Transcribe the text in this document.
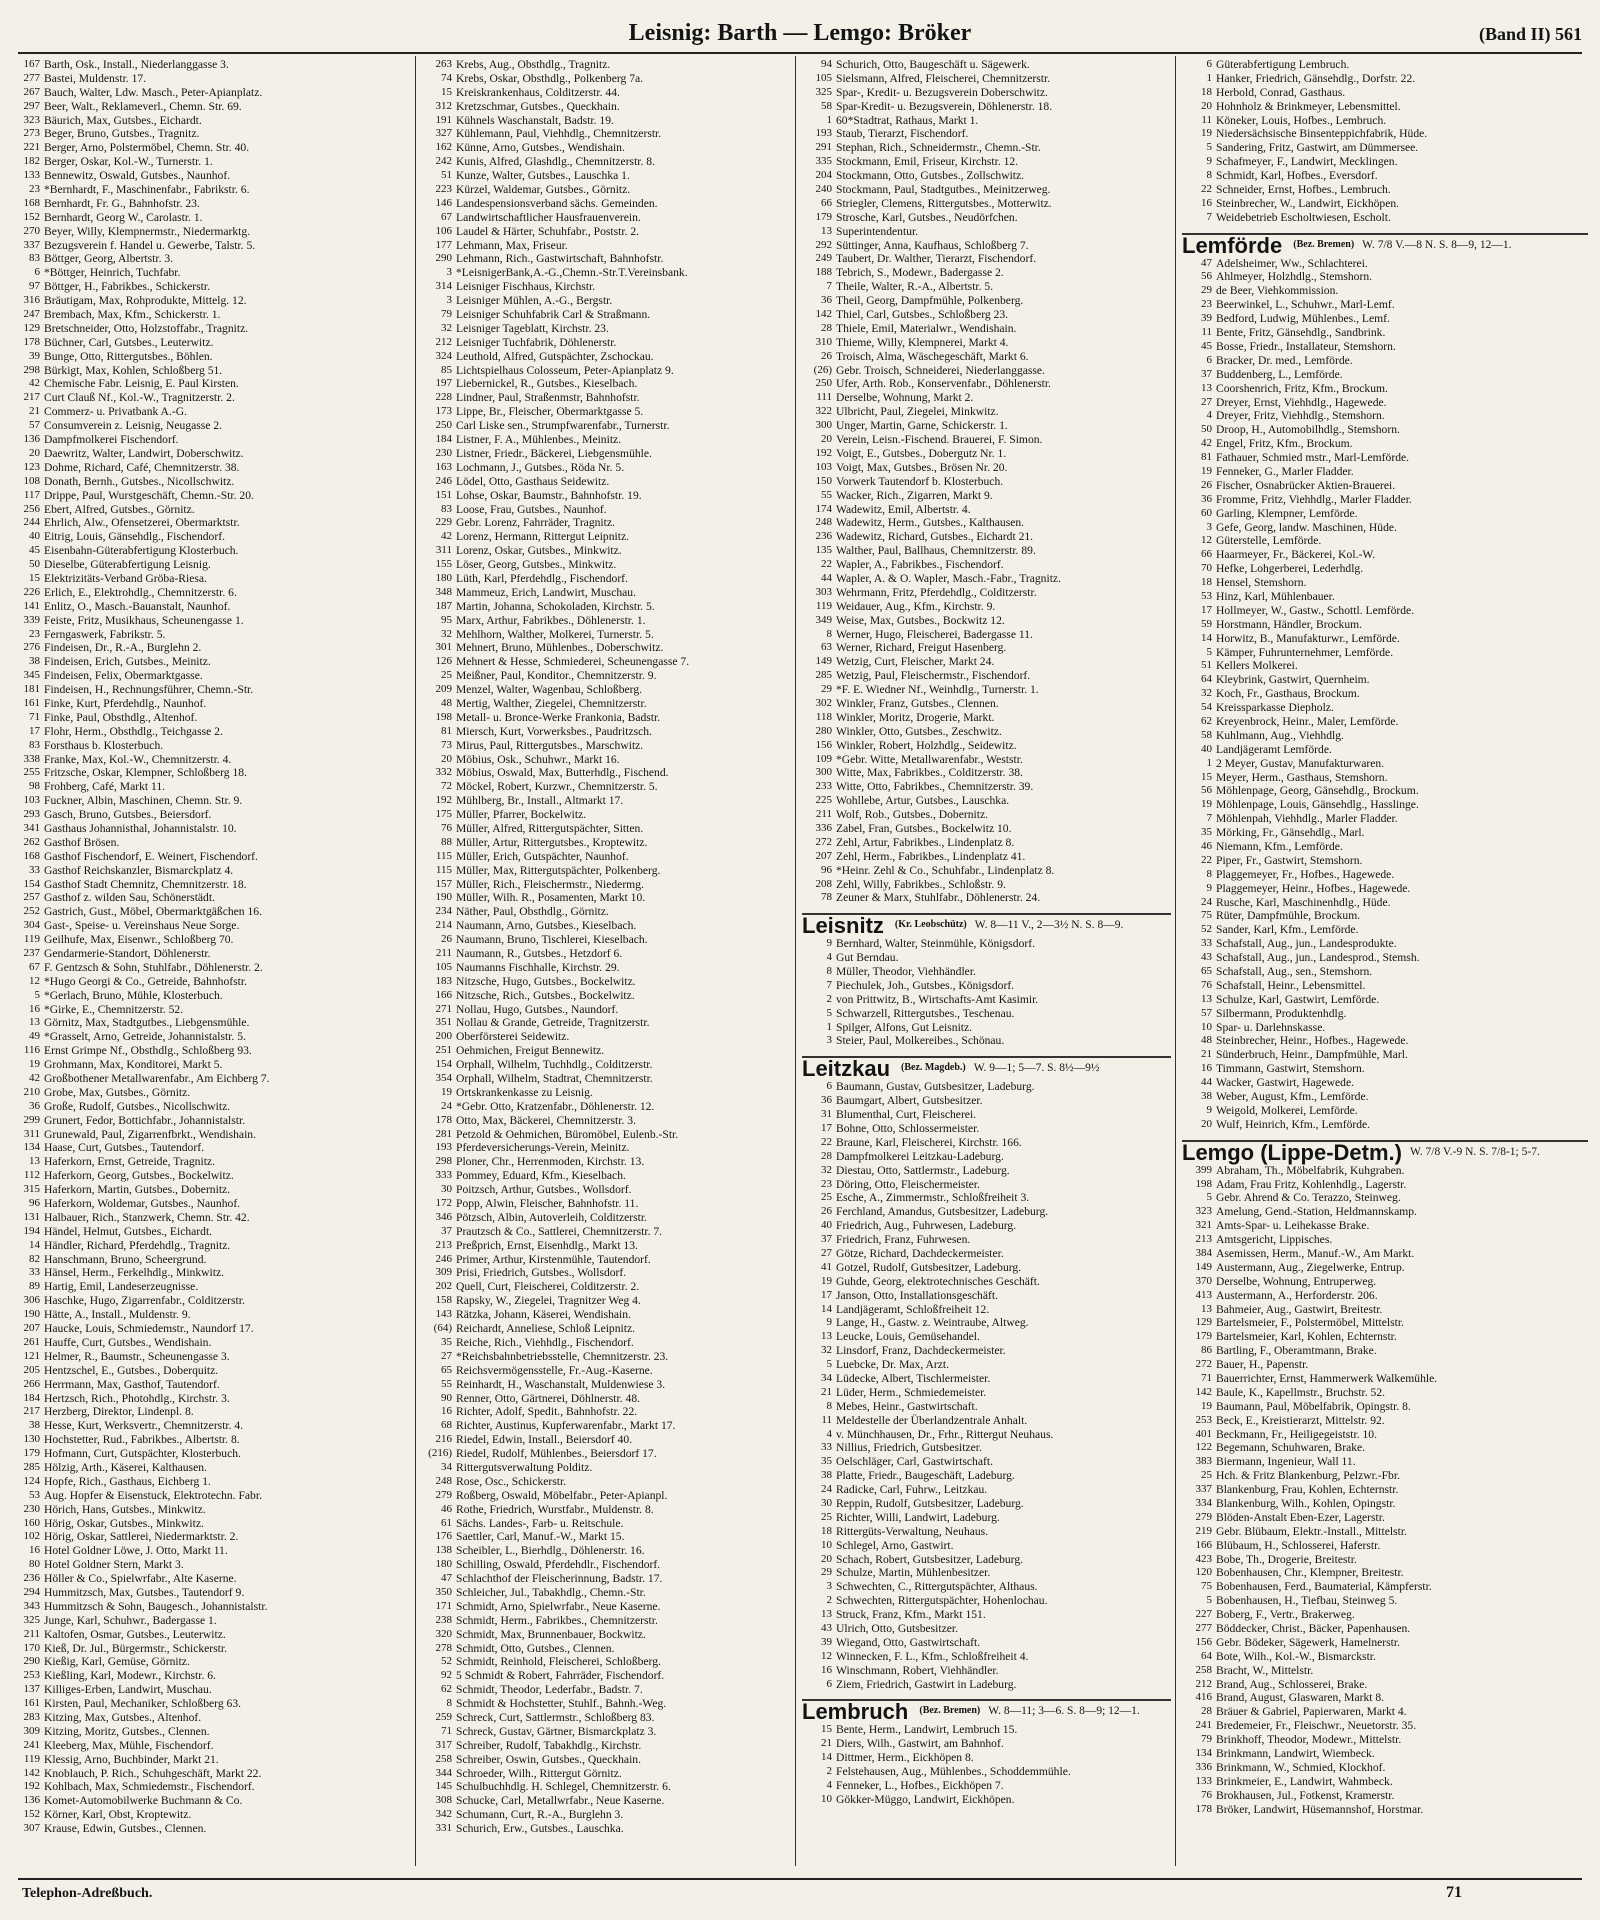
Leisnig: Barth — Lemgo: Bröker	(Band II) 561
167 Barth, Osk., Install., Niederlanggasse 3.
277 Bastei, Muldenstr. 17.
267 Bauch, Walter, Ldw. Masch., Peter-Apianplatz.
297 Beer, Walt., Reklameverl., Chemn. Str. 69.
323 Bäurich, Max, Gutsbes., Eichardt.
273 Beger, Bruno, Gutsbes., Tragnitz.
221 Berger, Arno, Polstermöbel, Chemn. Str. 40.
182 Berger, Oskar, Kol.-W., Turnerstr. 1.
133 Bennewitz, Oswald, Gutsbes., Naunhof.
23 *Bernhardt, F., Maschinenfabr., Fabrikstr. 6.
168 Bernhardt, Fr. G., Bahnhofstr. 23.
152 Bernhardt, Georg W., Carolastr. 1.
270 Beyer, Willy, Klempnermstr., Niedermarktg.
337 Bezugsverein f. Handel u. Gewerbe, Talstr. 5.
83 Böttger, Georg, Albertstr. 3.
6 *Böttger, Heinrich, Tuchfabr.
97 Böttger, H., Fabrikbes., Schickerstr.
316 Bräutigam, Max, Rohprodukte, Mittelg. 12.
247 Brembach, Max, Kfm., Schickerstr. 1.
129 Bretschneider, Otto, Holzstoffabr., Tragnitz.
178 Büchner, Carl, Gutsbes., Leuterwitz.
39 Bunge, Otto, Rittergutsbes., Böhlen.
298 Bürkigt, Max, Kohlen, Schloßberg 51.
42 Chemische Fabr. Leisnig, E. Paul Kirsten.
217 Curt Clauß Nf., Kol.-W., Tragnitzerstr. 2.
21 Commerz- u. Privatbank A.-G.
57 Consumverein z. Leisnig, Neugasse 2.
136 Dampfmolkerei Fischendorf.
20 Daewritz, Walter, Landwirt, Doberschwitz.
123 Dohme, Richard, Café, Chemnitzerstr. 38.
108 Donath, Bernh., Gutsbes., Nicollschwitz.
117 Drippe, Paul, Wurstgeschäft, Chemn.-Str. 20.
256 Ebert, Alfred, Gutsbes., Görnitz.
244 Ehrlich, Alw., Ofensetzerei, Obermarktstr.
40 Eitrig, Louis, Gänsehdlg., Fischendorf.
45 Eisenbahn-Güterabfertigung Klosterbuch.
50 Dieselbe, Güterabfertigung Leisnig.
15 Elektrizitäts-Verband Gröba-Riesa.
226 Erlich, E., Elektrohdlg., Chemnitzerstr. 6.
141 Enlitz, O., Masch.-Bauanstalt, Naunhof.
339 Feiste, Fritz, Musikhaus, Scheunengasse 1.
23 Ferngaswerk, Fabrikstr. 5.
276 Findeisen, Dr., R.-A., Burglehn 2.
38 Findeisen, Erich, Gutsbes., Meinitz.
345 Findeisen, Felix, Obermarktgasse.
181 Findeisen, H., Rechnungsführer, Chemn.-Str.
161 Finke, Kurt, Pferdehdlg., Naunhof.
71 Finke, Paul, Obsthdlg., Altenhof.
17 Flohr, Herm., Obsthdlg., Teichgasse 2.
83 Forsthaus b. Klosterbuch.
338 Franke, Max, Kol.-W., Chemnitzerstr. 4.
255 Fritzsche, Oskar, Klempner, Schloßberg 18.
98 Frohberg, Café, Markt 11.
103 Fuckner, Albin, Maschinen, Chemn. Str. 9.
293 Gasch, Bruno, Gutsbes., Beiersdorf.
341 Gasthaus Johannisthal, Johannistalstr. 10.
262 Gasthof Brösen.
168 Gasthof Fischendorf, E. Weinert, Fischendorf.
33 Gasthof Reichskanzler, Bismarckplatz 4.
154 Gasthof Stadt Chemnitz, Chemnitzerstr. 18.
257 Gasthof z. wilden Sau, Schönerstädt.
252 Gastrich, Gust., Möbel, Obermarktgäßchen 16.
304 Gast-, Speise- u. Vereinshaus Neue Sorge.
119 Geilhufe, Max, Eisenwr., Schloßberg 70.
237 Gendarmerie-Standort, Döhlenerstr.
67 F. Gentzsch & Sohn, Stuhlfabr., Döhlenerstr. 2.
12 *Hugo Georgi & Co., Getreide, Bahnhofstr.
5 *Gerlach, Bruno, Mühle, Klosterbuch.
16 *Girke, E., Chemnitzerstr. 52.
13 Görnitz, Max, Stadtgutbes., Liebgensmühle.
49 *Grasselt, Arno, Getreide, Johannistalstr. 5.
116 Ernst Grimpe Nf., Obsthdlg., Schloßberg 93.
19 Grohmann, Max, Konditorei, Markt 5.
42 Großbothener Metallwarenfabr., Am Eichberg 7.
210 Grobe, Max, Gutsbes., Görnitz.
36 Große, Rudolf, Gutsbes., Nicollschwitz.
299 Grunert, Fedor, Bottichfabr., Johannistalstr.
311 Grunewald, Paul, Zigarrenfbrkt., Wendishain.
134 Haase, Curt, Gutsbes., Tautendorf.
13 Haferkorn, Ernst, Getreide, Tragnitz.
112 Haferkorn, Georg, Gutsbes., Bockelwitz.
315 Haferkorn, Martin, Gutsbes., Dobernitz.
96 Haferkorn, Woldemar, Gutsbes., Naunhof.
131 Halbauer, Rich., Stanzwerk, Chemn. Str. 42.
194 Händel, Helmut, Gutsbes., Eichardt.
14 Händler, Richard, Pferdehdlg., Tragnitz.
82 Hanschmann, Bruno, Scheergrund.
33 Hänsel, Herm., Ferkelhdlg., Minkwitz.
89 Hartig, Emil, Landeserzeugnisse.
306 Haschke, Hugo, Zigarrenfabr., Colditzerstr.
190 Hätte, A., Install., Muldenstr. 9.
207 Haucke, Louis, Schmiedemstr., Naundorf 17.
261 Hauffe, Curt, Gutsbes., Wendishain.
121 Helmer, R., Baumstr., Scheunengasse 3.
205 Hentzschel, E., Gutsbes., Doberquitz.
266 Herrmann, Max, Gasthof, Tautendorf.
184 Hertzsch, Rich., Photohdlg., Kirchstr. 3.
217 Herzberg, Direktor, Lindenpl. 8.
38 Hesse, Kurt, Werksvertr., Chemnitzerstr. 4.
130 Hochstetter, Rud., Fabrikbes., Albertstr. 8.
179 Hofmann, Curt, Gutspächter, Klosterbuch.
285 Hölzig, Arth., Käserei, Kalthausen.
124 Hopfe, Rich., Gasthaus, Eichberg 1.
53 Aug. Hopfer & Eisenstuck, Elektrotechn. Fabr.
230 Hörich, Hans, Gutsbes., Minkwitz.
160 Hörig, Oskar, Gutsbes., Minkwitz.
102 Hörig, Oskar, Sattlerei, Niedermarktstr. 2.
16 Hotel Goldner Löwe, J. Otto, Markt 11.
80 Hotel Goldner Stern, Markt 3.
236 Höller & Co., Spielwrfabr., Alte Kaserne.
294 Hummitzsch, Max, Gutsbes., Tautendorf 9.
343 Hummitzsch & Sohn, Baugesch., Johannistalstr.
325 Junge, Karl, Schuhwr., Badergasse 1.
211 Kaltofen, Osmar, Gutsbes., Leuterwitz.
170 Kieß, Dr. Jul., Bürgermstr., Schickerstr.
290 Kießig, Karl, Gemüse, Görnitz.
253 Kießling, Karl, Modewr., Kirchstr. 6.
137 Killiges-Erben, Landwirt, Muschau.
161 Kirsten, Paul, Mechaniker, Schloßberg 63.
283 Kitzing, Max, Gutsbes., Altenhof.
309 Kitzing, Moritz, Gutsbes., Clennen.
241 Kleeberg, Max, Mühle, Fischendorf.
119 Klessig, Arno, Buchbinder, Markt 21.
142 Knoblauch, P. Rich., Schuhgeschäft, Markt 22.
192 Kohlbach, Max, Schmiedemstr., Fischendorf.
136 Komet-Automobilwerke Buchmann & Co.
152 Körner, Karl, Obst, Kroptewitz.
307 Krause, Edwin, Gutsbes., Clennen.
263 Krebs, Aug., Obsthdlg., Tragnitz.
74 Krebs, Oskar, Obsthdlg., Polkenberg 7a.
15 Kreiskrankenhaus, Colditzerstr. 44.
312 Kretzschmar, Gutsbes., Queckhain.
191 Kühnels Waschanstalt, Badstr. 19.
327 Kühlemann, Paul, Viehhdlg., Chemnitzerstr.
162 Künne, Arno, Gutsbes., Wendishain.
242 Kunis, Alfred, Glashdlg., Chemnitzerstr. 8.
51 Kunze, Walter, Gutsbes., Lauschka 1.
223 Kürzel, Waldemar, Gutsbes., Görnitz.
146 Landespensionsverband sächs. Gemeinden.
67 Landwirtschaftlicher Hausfrauenverein.
106 Laudel & Härter, Schuhfabr., Poststr. 2.
177 Lehmann, Max, Friseur.
290 Lehmann, Rich., Gastwirtschaft, Bahnhofstr.
3 *LeisnigerBank,A.-G.,Chemn.-Str.T.Vereinsbank.
314 Leisniger Fischhaus, Kirchstr.
3 Leisniger Mühlen, A.-G., Bergstr.
79 Leisniger Schuhfabrik Carl & Straßmann.
32 Leisniger Tageblatt, Kirchstr. 23.
212 Leisniger Tuchfabrik, Döhlenerstr.
324 Leuthold, Alfred, Gutspächter, Zschockau.
85 Lichtspielhaus Colosseum, Peter-Apianplatz 9.
197 Liebernickel, R., Gutsbes., Kieselbach.
228 Lindner, Paul, Straßenmstr, Bahnhofstr.
173 Lippe, Br., Fleischer, Obermarktgasse 5.
250 Carl Liske sen., Strumpfwarenfabr., Turnerstr.
184 Listner, F. A., Mühlenbes., Meinitz.
230 Listner, Friedr., Bäckerei, Liebgensmühle.
163 Lochmann, J., Gutsbes., Röda Nr. 5.
246 Lödel, Otto, Gasthaus Seidewitz.
151 Lohse, Oskar, Baumstr., Bahnhofstr. 19.
83 Loose, Frau, Gutsbes., Naunhof.
229 Gebr. Lorenz, Fahrräder, Tragnitz.
42 Lorenz, Hermann, Rittergut Leipnitz.
311 Lorenz, Oskar, Gutsbes., Minkwitz.
155 Löser, Georg, Gutsbes., Minkwitz.
180 Lüth, Karl, Pferdehdlg., Fischendorf.
348 Mammeuz, Erich, Landwirt, Muschau.
187 Martin, Johanna, Schokoladen, Kirchstr. 5.
95 Marx, Arthur, Fabrikbes., Döhlenerstr. 1.
32 Mehlhorn, Walther, Molkerei, Turnerstr. 5.
301 Mehnert, Bruno, Mühlenbes., Doberschwitz.
126 Mehnert & Hesse, Schmiederei, Scheunengasse 7.
25 Meißner, Paul, Konditor., Chemnitzerstr. 9.
209 Menzel, Walter, Wagenbau, Schloßberg.
48 Mertig, Walther, Ziegelei, Chemnitzerstr.
198 Metall- u. Bronce-Werke Frankonia, Badstr.
81 Miersch, Kurt, Vorwerksbes., Paudritzsch.
73 Mirus, Paul, Rittergutsbes., Marschwitz.
20 Möbius, Osk., Schuhwr., Markt 16.
332 Möbius, Oswald, Max, Butterhdlg., Fischend.
72 Möckel, Robert, Kurzwr., Chemnitzerstr. 5.
192 Mühlberg, Br., Install., Altmarkt 17.
175 Müller, Pfarrer, Bockelwitz.
76 Müller, Alfred, Rittergutspächter, Sitten.
88 Müller, Artur, Rittergutsbes., Kroptewitz.
115 Müller, Erich, Gutspächter, Naunhof.
115 Müller, Max, Rittergutspächter, Polkenberg.
157 Müller, Rich., Fleischermstr., Niedermg.
190 Müller, Wilh. R., Posamenten, Markt 10.
234 Näther, Paul, Obsthdlg., Görnitz.
214 Naumann, Arno, Gutsbes., Kieselbach.
26 Naumann, Bruno, Tischlerei, Kieselbach.
211 Naumann, R., Gutsbes., Hetzdorf 6.
105 Naumanns Fischhalle, Kirchstr. 29.
183 Nitzsche, Hugo, Gutsbes., Bockelwitz.
166 Nitzsche, Rich., Gutsbes., Bockelwitz.
271 Nollau, Hugo, Gutsbes., Naundorf.
351 Nollau & Grande, Getreide, Tragnitzerstr.
200 Oberförsterei Seidewitz.
251 Oehmichen, Freigut Bennewitz.
154 Orphall, Wilhelm, Tuchhdlg., Colditzerstr.
354 Orphall, Wilhelm, Stadtrat, Chemnitzerstr.
19 Ortskrankenkasse zu Leisnig.
24 *Gebr. Otto, Kratzenfabr., Döhlenerstr. 12.
178 Otto, Max, Bäckerei, Chemnitzerstr. 3.
281 Petzold & Oehmichen, Büromöbel, Eulenb.-Str.
193 Pferdeversicherungs-Verein, Meinitz.
298 Ploner, Chr., Herrenmoden, Kirchstr. 13.
333 Pommey, Eduard, Kfm., Kieselbach.
30 Poitzsch, Arthur, Gutsbes., Wollsdorf.
172 Popp, Alwin, Fleischer, Bahnhofstr. 11.
346 Pötzsch, Albin, Autoverleih, Colditzerstr.
37 Prautzsch & Co., Sattlerei, Chemnitzerstr. 7.
213 Preßprich, Ernst, Eisenhdlg., Markt 13.
246 Primer, Arthur, Kirstenmühle, Tautendorf.
309 Prisi, Friedrich, Gutsbes., Wollsdorf.
202 Quell, Curt, Fleischerei, Colditzerstr. 2.
158 Rapsky, W., Ziegelei, Tragnitzer Weg 4.
143 Rätzka, Johann, Käserei, Wendishain.
(64) Reichardt, Anneliese, Schloß Leipnitz.
35 Reiche, Rich., Viehhdlg., Fischendorf.
27 *Reichsbahnbetriebsstelle, Chemnitzerstr. 23.
65 Reichsvermögensstelle, Fr.-Aug.-Kaserne.
55 Reinhardt, H., Waschanstalt, Muldenwiese 3.
90 Renner, Otto, Gärtnerei, Döhlnerstr. 48.
16 Richter, Adolf, Spedit., Bahnhofstr. 22.
68 Richter, Austinus, Kupferwarenfabr., Markt 17.
216 Riedel, Edwin, Install., Beiersdorf 40.
(216) Riedel, Rudolf, Mühlenbes., Beiersdorf 17.
34 Rittergutsverwaltung Polditz.
248 Rose, Osc., Schickerstr.
279 Roßberg, Oswald, Möbelfabr., Peter-Apianpl.
46 Rothe, Friedrich, Wurstfabr., Muldenstr. 8.
61 Sächs. Landes-, Farb- u. Reitschule.
176 Saettler, Carl, Manuf.-W., Markt 15.
138 Scheibler, L., Bierhdlg., Döhlenerstr. 16.
180 Schilling, Oswald, Pferdehdlr., Fischendorf.
47 Schlachthof der Fleischerinnung, Badstr. 17.
350 Schleicher, Jul., Tabakhdlg., Chemn.-Str.
171 Schmidt, Arno, Spielwrfabr., Neue Kaserne.
238 Schmidt, Herm., Fabrikbes., Chemnitzerstr.
320 Schmidt, Max, Brunnenbauer, Bockwitz.
278 Schmidt, Otto, Gutsbes., Clennen.
52 Schmidt, Reinhold, Fleischerei, Schloßberg.
92 5 Schmidt & Robert, Fahrräder, Fischendorf.
62 Schmidt, Theodor, Lederfabr., Badstr. 7.
8 Schmidt & Hochstetter, Stuhlf., Bahnh.-Weg.
259 Schreck, Curt, Sattlermstr., Schloßberg 83.
71 Schreck, Gustav, Gärtner, Bismarckplatz 3.
317 Schreiber, Rudolf, Tabakhdlg., Kirchstr.
258 Schreiber, Oswin, Gutsbes., Queckhain.
344 Schroeder, Wilh., Rittergut Görnitz.
145 Schulbuchhdlg. H. Schlegel, Chemnitzerstr. 6.
308 Schucke, Carl, Metallwrfabr., Neue Kaserne.
342 Schumann, Curt, R.-A., Burglehn 3.
331 Schurich, Erw., Gutsbes., Lauschka.
94 Schurich, Otto, Baugeschäft u. Sägewerk.
105 Sielsmann, Alfred, Fleischerei, Chemnitzerstr.
325 Spar-, Kredit- u. Bezugsverein Doberschwitz.
58 Spar-Kredit- u. Bezugsverein, Döhlenerstr. 18.
1 60*Stadtrat, Rathaus, Markt 1.
193 Staub, Tierarzt, Fischendorf.
291 Stephan, Rich., Schneidermstr., Chemn.-Str.
335 Stockmann, Emil, Friseur, Kirchstr. 12.
204 Stockmann, Otto, Gutsbes., Zollschwitz.
240 Stockmann, Paul, Stadtgutbes., Meinitzerweg.
66 Striegler, Clemens, Rittergutsbes., Motterwitz.
179 Strosche, Karl, Gutsbes., Neudörfchen.
13 Superintendentur.
292 Süttinger, Anna, Kaufhaus, Schloßberg 7.
249 Taubert, Dr. Walther, Tierarzt, Fischendorf.
188 Tebrich, S., Modewr., Badergasse 2.
7 Theile, Walter, R.-A., Albertstr. 5.
36 Theil, Georg, Dampfmühle, Polkenberg.
142 Thiel, Carl, Gutsbes., Schloßberg 23.
28 Thiele, Emil, Materialwr., Wendishain.
310 Thieme, Willy, Klempnerei, Markt 4.
26 Troisch, Alma, Wäschegeschäft, Markt 6.
(26) Gebr. Troisch, Schneiderei, Niederlanggasse.
250 Ufer, Arth. Rob., Konservenfabr., Döhlenerstr.
111 Derselbe, Wohnung, Markt 2.
322 Ulbricht, Paul, Ziegelei, Minkwitz.
300 Unger, Martin, Garne, Schickerstr. 1.
20 Verein, Leisn.-Fischend. Brauerei, F. Simon.
192 Voigt, E., Gutsbes., Dobergutz Nr. 1.
103 Voigt, Max, Gutsbes., Brösen Nr. 20.
150 Vorwerk Tautendorf b. Klosterbuch.
55 Wacker, Rich., Zigarren, Markt 9.
174 Wadewitz, Emil, Albertstr. 4.
248 Wadewitz, Herm., Gutsbes., Kalthausen.
236 Wadewitz, Richard, Gutsbes., Eichardt 21.
135 Walther, Paul, Ballhaus, Chemnitzerstr. 89.
22 Wapler, A., Fabrikbes., Fischendorf.
44 Wapler, A. & O. Wapler, Masch.-Fabr., Tragnitz.
303 Wehrmann, Fritz, Pferdehdlg., Colditzerstr.
119 Weidauer, Aug., Kfm., Kirchstr. 9.
349 Weise, Max, Gutsbes., Bockwitz 12.
8 Werner, Hugo, Fleischerei, Badergasse 11.
63 Werner, Richard, Freigut Hasenberg.
149 Wetzig, Curt, Fleischer, Markt 24.
285 Wetzig, Paul, Fleischermstr., Fischendorf.
29 *F. E. Wiedner Nf., Weinhdlg., Turnerstr. 1.
302 Winkler, Franz, Gutsbes., Clennen.
118 Winkler, Moritz, Drogerie, Markt.
280 Winkler, Otto, Gutsbes., Zeschwitz.
156 Winkler, Robert, Holzhdlg., Seidewitz.
109 *Gebr. Witte, Metallwarenfabr., Weststr.
300 Witte, Max, Fabrikbes., Colditzerstr. 38.
233 Witte, Otto, Fabrikbes., Chemnitzerstr. 39.
225 Wohllebe, Artur, Gutsbes., Lauschka.
211 Wolf, Rob., Gutsbes., Dobernitz.
336 Zabel, Fran, Gutsbes., Bockelwitz 10.
272 Zehl, Artur, Fabrikbes., Lindenplatz 8.
207 Zehl, Herm., Fabrikbes., Lindenplatz 41.
96 *Heinr. Zehl & Co., Schuhfabr., Lindenplatz 8.
208 Zehl, Willy, Fabrikbes., Schloßstr. 9.
78 Zeuner & Marx, Stuhlfabr., Döhlenerstr. 24.
Leisnitz (Kr. Leobschütz) W. 8—11 V., 2—3½ N. S. 8—9.
9 Bernhard, Walter, Steinmühle, Königsdorf.
4 Gut Berndau.
8 Müller, Theodor, Viehhändler.
7 Piechulek, Joh., Gutsbes., Königsdorf.
2 von Prittwitz, B., Wirtschafts-Amt Kasimir.
5 Schwarzell, Rittergutsbes., Teschenau.
1 Spilger, Alfons, Gut Leisnitz.
3 Steier, Paul, Molkereibes., Schönau.
Leitzkau (Bez. Magdeb.) W. 9—1; 5—7. S. 8½—9½
6 Baumann, Gustav, Gutsbesitzer, Ladeburg.
36 Baumgart, Albert, Gutsbesitzer.
31 Blumenthal, Curt, Fleischerei.
17 Bohne, Otto, Schlossermeister.
22 Braune, Karl, Fleischerei, Kirchstr. 166.
28 Dampfmolkerei Leitzkau-Ladeburg.
32 Diestau, Otto, Sattlermstr., Ladeburg.
23 Döring, Otto, Fleischermeister.
25 Esche, A., Zimmermstr., Schloßfreiheit 3.
26 Ferchland, Amandus, Gutsbesitzer, Ladeburg.
40 Friedrich, Aug., Fuhrwesen, Ladeburg.
37 Friedrich, Franz, Fuhrwesen.
27 Götze, Richard, Dachdeckermeister.
41 Gotzel, Rudolf, Gutsbesitzer, Ladeburg.
19 Guhde, Georg, elektrotechnisches Geschäft.
17 Janson, Otto, Installationsgeschäft.
14 Landjägeramt, Schloßfreiheit 12.
9 Lange, H., Gastw. z. Weintraube, Altweg.
13 Leucke, Louis, Gemüsehandel.
32 Linsdorf, Franz, Dachdeckermeister.
5 Luebcke, Dr. Max, Arzt.
34 Lüdecke, Albert, Tischlermeister.
21 Lüder, Herm., Schmiedemeister.
8 Mebes, Heinr., Gastwirtschaft.
11 Meldestelle der Überlandzentrale Anhalt.
4 v. Münchhausen, Dr., Frhr., Rittergut Neuhaus.
33 Nillius, Friedrich, Gutsbesitzer.
35 Oelschläger, Carl, Gastwirtschaft.
38 Platte, Friedr., Baugeschäft, Ladeburg.
24 Radicke, Carl, Fuhrw., Leitzkau.
30 Reppin, Rudolf, Gutsbesitzer, Ladeburg.
25 Richter, Willi, Landwirt, Ladeburg.
18 Rittergüts-Verwaltung, Neuhaus.
10 Schlegel, Arno, Gastwirt.
20 Schach, Robert, Gutsbesitzer, Ladeburg.
29 Schulze, Martin, Mühlenbesitzer.
3 Schwechten, C., Rittergutspächter, Althaus.
2 Schwechten, Rittergutspächter, Hohenlochau.
13 Struck, Franz, Kfm., Markt 151.
43 Ulrich, Otto, Gutsbesitzer.
39 Wiegand, Otto, Gastwirtschaft.
12 Winnecken, F. L., Kfm., Schloßfreiheit 4.
16 Winschmann, Robert, Viehhändler.
6 Ziem, Friedrich, Gastwirt in Ladeburg.
Lembruch (Bez. Bremen) W. 8—11; 3—6. S. 8—9; 12—1.
15 Bente, Herm., Landwirt, Lembruch 15.
21 Diers, Wilh., Gastwirt, am Bahnhof.
14 Dittmer, Herm., Eickhöpen 8.
2 Felstehausen, Aug., Mühlenbes., Schoddemmühle.
4 Fenneker, L., Hofbes., Eickhöpen 7.
10 Gökker-Müggo, Landwirt, Eickhöpen.
6 Güterabfertigung Lembruch.
1 Hanker, Friedrich, Gänsehdlg., Dorfstr. 22.
18 Herbold, Conrad, Gasthaus.
20 Hohnholz & Brinkmeyer, Lebensmittel.
11 Köneker, Louis, Hofbes., Lembruch.
19 Niedersächsische Binsenteppichfabrik, Hüde.
5 Sandering, Fritz, Gastwirt, am Dümmersee.
9 Schafmeyer, F., Landwirt, Mecklingen.
8 Schmidt, Karl, Hofbes., Eversdorf.
22 Schneider, Ernst, Hofbes., Lembruch.
16 Steinbrecher, W., Landwirt, Eickhöpen.
7 Weidebetrieb Escholtwiesen, Escholt.
Lemförde (Bez. Bremen) W. 7/8 V.—8 N. S. 8—9, 12—1.
47 Adelsheimer, Ww., Schlachterei.
56 Ahlmeyer, Holzhdlg., Stemshorn.
29 de Beer, Viehkommission.
23 Beerwinkel, L., Schuhwr., Marl-Lemf.
39 Bedford, Ludwig, Mühlenbes., Lemf.
11 Bente, Fritz, Gänsehdlg., Sandbrink.
45 Bosse, Friedr., Installateur, Stemshorn.
6 Bracker, Dr. med., Lemförde.
37 Buddenberg, L., Lemförde.
13 Coorshenrich, Fritz, Kfm., Brockum.
27 Dreyer, Ernst, Viehhdlg., Hagewede.
4 Dreyer, Fritz, Viehhdlg., Stemshorn.
50 Droop, H., Automobilhdlg., Stemshorn.
42 Engel, Fritz, Kfm., Brockum.
81 Fathauer, Schmied mstr., Marl-Lemförde.
19 Fenneker, G., Marler Fladder.
26 Fischer, Osnabrücker Aktien-Brauerei.
36 Fromme, Fritz, Viehhdlg., Marler Fladder.
60 Garling, Klempner, Lemförde.
3 Gefe, Georg, landw. Maschinen, Hüde.
12 Güterstelle, Lemförde.
66 Haarmeyer, Fr., Bäckerei, Kol.-W.
70 Hefke, Lohgerberei, Lederhdlg.
18 Hensel, Stemshorn.
53 Hinz, Karl, Mühlenbauer.
17 Hollmeyer, W., Gastw., Schottl. Lemförde.
59 Horstmann, Händler, Brockum.
14 Horwitz, B., Manufakturwr., Lemförde.
5 Kämper, Fuhrunternehmer, Lemförde.
51 Kellers Molkerei.
64 Kleybrink, Gastwirt, Quernheim.
32 Koch, Fr., Gasthaus, Brockum.
54 Kreissparkasse Diepholz.
62 Kreyenbrock, Heinr., Maler, Lemförde.
58 Kuhlmann, Aug., Viehhdlg.
40 Landjägeramt Lemförde.
1 2 Meyer, Gustav, Manufakturwaren.
15 Meyer, Herm., Gasthaus, Stemshorn.
56 Möhlenpage, Georg, Gänsehdlg., Brockum.
19 Möhlenpage, Louis, Gänsehdlg., Hasslinge.
7 Möhlenpah, Viehhdlg., Marler Fladder.
35 Mörking, Fr., Gänsehdlg., Marl.
46 Niemann, Kfm., Lemförde.
22 Piper, Fr., Gastwirt, Stemshorn.
8 Plaggemeyer, Fr., Hofbes., Hagewede.
9 Plaggemeyer, Heinr., Hofbes., Hagewede.
24 Rusche, Karl, Maschinenhdlg., Hüde.
75 Rüter, Dampfmühle, Brockum.
52 Sander, Karl, Kfm., Lemförde.
33 Schafstall, Aug., jun., Landesprodukte.
43 Schafstall, Aug., jun., Landesprod., Stemsh.
65 Schafstall, Aug., sen., Stemshorn.
76 Schafstall, Heinr., Lebensmittel.
13 Schulze, Karl, Gastwirt, Lemförde.
57 Silbermann, Produktenhdlg.
10 Spar- u. Darlehnskasse.
48 Steinbrecher, Heinr., Hofbes., Hagewede.
21 Sünderbruch, Heinr., Dampfmühle, Marl.
16 Timmann, Gastwirt, Stemshorn.
44 Wacker, Gastwirt, Hagewede.
38 Weber, August, Kfm., Lemförde.
9 Weigold, Molkerei, Lemförde.
20 Wulf, Heinrich, Kfm., Lemförde.
Lemgo (Lippe-Detm.) W. 7/8 V.-9 N. S. 7/8-1; 5-7.
399 Abraham, Th., Möbelfabrik, Kuhgraben.
198 Adam, Frau Fritz, Kohlenhdlg., Lagerstr.
5 Gebr. Ahrend & Co. Terazzo, Steinweg.
323 Amelung, Gend.-Station, Heldmannskamp.
321 Amts-Spar- u. Leihekasse Brake.
213 Amtsgericht, Lippisches.
384 Asemissen, Herm., Manuf.-W., Am Markt.
149 Austermann, Aug., Ziegelwerke, Entrup.
370 Derselbe, Wohnung, Entruperweg.
413 Austermann, A., Herforderstr. 206.
13 Bahmeier, Aug., Gastwirt, Breitestr.
129 Bartelsmeier, F., Polstermöbel, Mittelstr.
179 Bartelsmeier, Karl, Kohlen, Echternstr.
86 Bartling, F., Oberamtmann, Brake.
272 Bauer, H., Papenstr.
71 Bauerrichter, Ernst, Hammerwerk Walkemühle.
142 Baule, K., Kapellmstr., Bruchstr. 52.
19 Baumann, Paul, Möbelfabrik, Opingstr. 8.
253 Beck, E., Kreistierarzt, Mittelstr. 92.
401 Beckmann, Fr., Heiligegeiststr. 10.
122 Begemann, Schuhwaren, Brake.
383 Biermann, Ingenieur, Wall 11.
25 Hch. & Fritz Blankenburg, Pelzwr.-Fbr.
337 Blankenburg, Frau, Kohlen, Echternstr.
334 Blankenburg, Wilh., Kohlen, Opingstr.
279 Blöden-Anstalt Eben-Ezer, Lagerstr.
219 Gebr. Blübaum, Elektr.-Install., Mittelstr.
166 Blübaum, H., Schlosserei, Haferstr.
423 Bobe, Th., Drogerie, Breitestr.
120 Bobenhausen, Chr., Klempner, Breitestr.
75 Bobenhausen, Ferd., Baumaterial, Kämpferstr.
5 Bobenhausen, H., Tiefbau, Steinweg 5.
227 Boberg, F., Vertr., Brakerweg.
277 Böddecker, Christ., Bäcker, Papenhausen.
156 Gebr. Bödeker, Sägewerk, Hamelnerstr.
64 Bote, Wilh., Kol.-W., Bismarckstr.
258 Bracht, W., Mittelstr.
212 Brand, Aug., Schlosserei, Brake.
416 Brand, August, Glaswaren, Markt 8.
28 Bräuer & Gabriel, Papierwaren, Markt 4.
241 Bredemeier, Fr., Fleischwr., Neuetorstr. 35.
79 Brinkhoff, Theodor, Modewr., Mittelstr.
134 Brinkmann, Landwirt, Wiembeck.
336 Brinkmann, W., Schmied, Klockhof.
133 Brinkmeier, E., Landwirt, Wahmbeck.
76 Brokhausen, Jul., Fotkenst, Kramerstr.
178 Bröker, Landwirt, Hüsemannshof, Horstmar.
Telephon-Adreßbuch.	71
